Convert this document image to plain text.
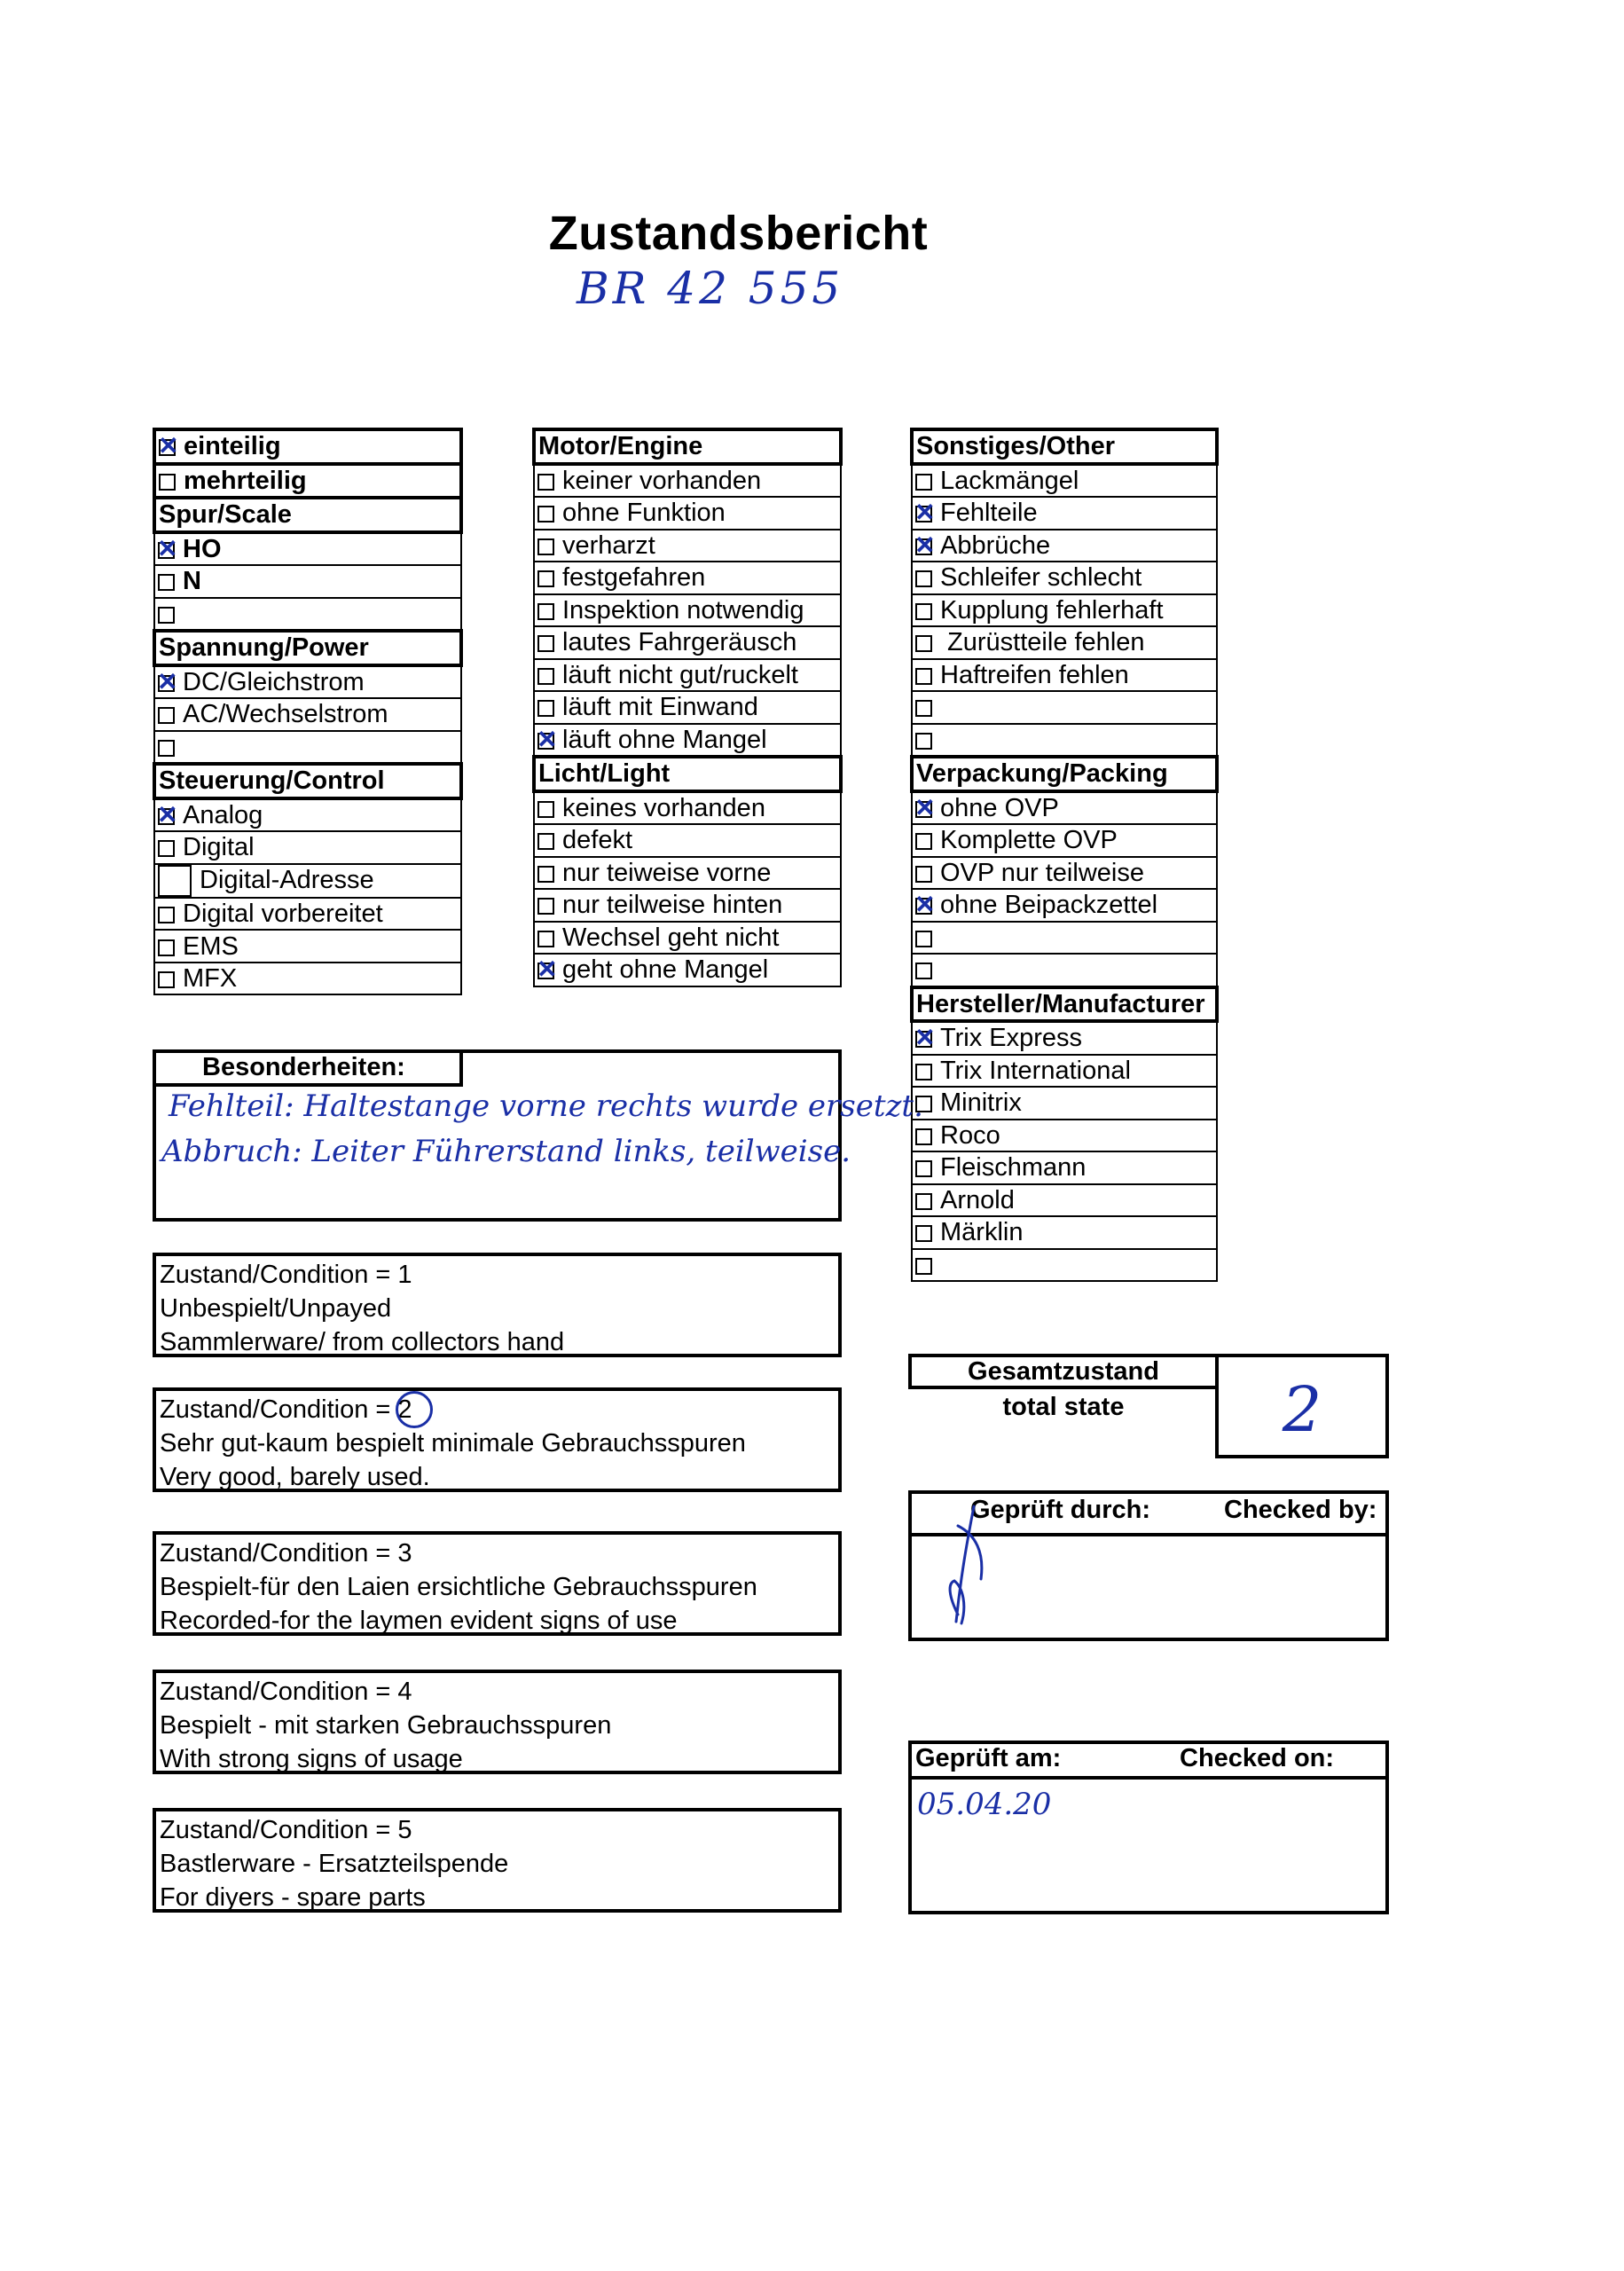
Zustandsbericht
BR 42 555
✕einteilig
mehrteilig
Spur/Scale
✕HO
N

Spannung/Power
✕DC/Gleichstrom
AC/Wechselstrom

Steuerung/Control
✕Analog
Digital
Digital-Adresse
Digital vorbereitet
EMS
MFX
Motor/Engine
keiner vorhanden
ohne Funktion
verharzt
festgefahren
Inspektion notwendig
lautes Fahrgeräusch
läuft nicht gut/ruckelt
läuft mit Einwand
✕läuft ohne Mangel
Licht/Light
keines vorhanden
defekt
nur teiweise vorne
nur teilweise hinten
Wechsel geht nicht
✕geht ohne Mangel
Sonstiges/Other
Lackmängel
✕Fehlteile
✕Abbrüche
Schleifer schlecht
Kupplung fehlerhaft
Zurüstteile fehlen
Haftreifen fehlen

Verpackung/Packing
✕ohne OVP
Komplette OVP
OVP nur teilweise
✕ohne Beipackzettel

Hersteller/Manufacturer
✕Trix Express
Trix International
Minitrix
Roco
Fleischmann
Arnold
Märklin

Besonderheiten:
Fehlteil: Haltestange vorne rechts wurde ersetzt.
Abbruch: Leiter Führerstand links, teilweise.
Zustand/Condition = 1
Unbespielt/Unpayed
Sammlerware/ from collectors hand
Zustand/Condition = 2
Sehr gut-kaum bespielt minimale Gebrauchsspuren
Very good, barely used.
Zustand/Condition = 3
Bespielt-für den Laien ersichtliche Gebrauchsspuren
Recorded-for the laymen evident signs of use
Zustand/Condition = 4
Bespielt - mit starken Gebrauchsspuren
With strong signs of usage
Zustand/Condition = 5
Bastlerware - Ersatzteilspende
For diyers - spare parts
Gesamtzustand
total state	2
Geprüft durch:	Checked by:
Geprüft am:	Checked on:
05.04.20
